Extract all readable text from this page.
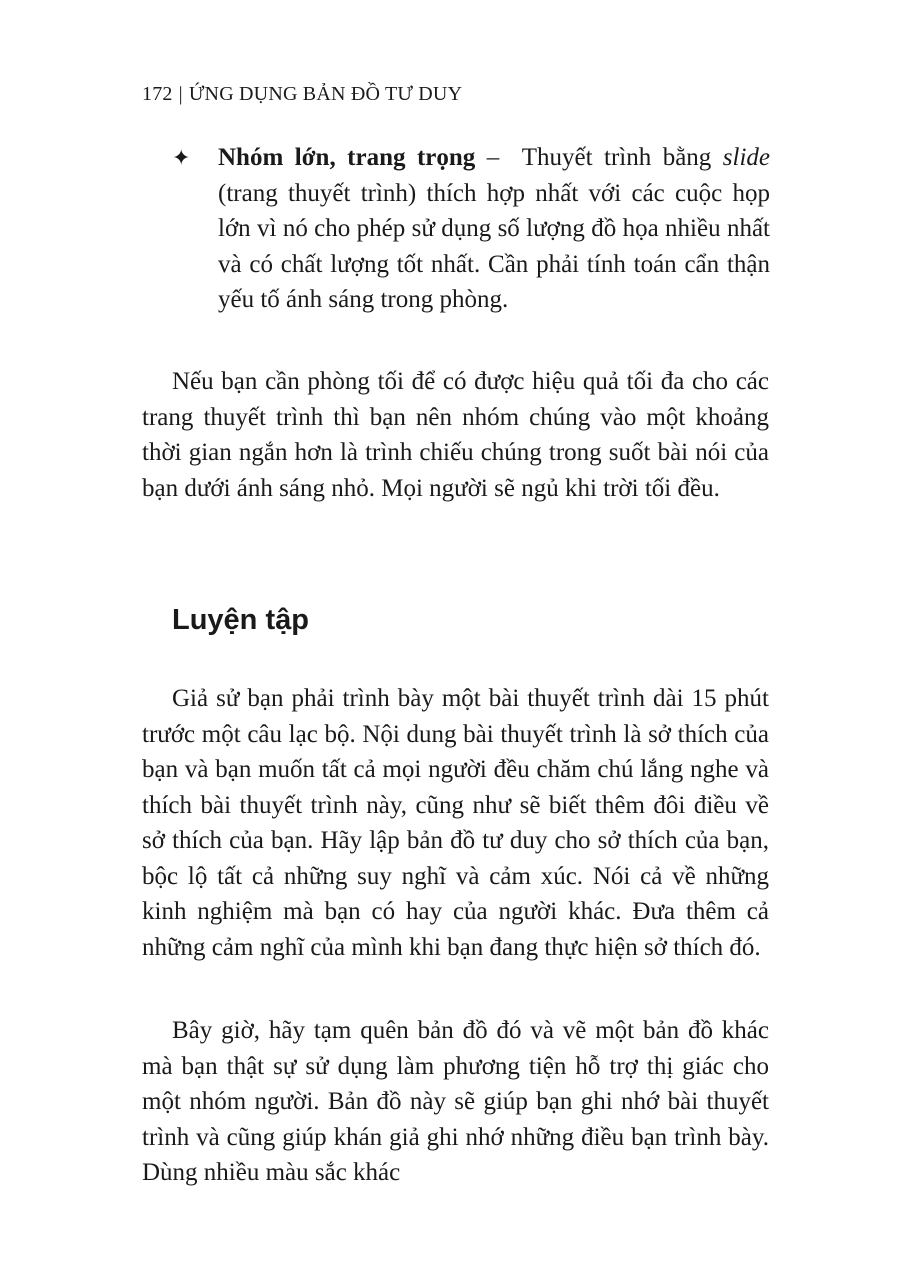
172 | ỨNG DỤNG BẢN ĐỒ TƯ DUY
✦ Nhóm lớn, trang trọng –  Thuyết trình bằng slide (trang thuyết trình) thích hợp nhất với các cuộc họp lớn vì nó cho phép sử dụng số lượng đồ họa nhiều nhất và có chất lượng tốt nhất. Cần phải tính toán cẩn thận yếu tố ánh sáng trong phòng.

Nếu bạn cần phòng tối để có được hiệu quả tối đa cho các trang thuyết trình thì bạn nên nhóm chúng vào một khoảng thời gian ngắn hơn là trình chiếu chúng trong suốt bài nói của bạn dưới ánh sáng nhỏ. Mọi người sẽ ngủ khi trời tối đều.

Luyện tập

Giả sử bạn phải trình bày một bài thuyết trình dài 15 phút trước một câu lạc bộ. Nội dung bài thuyết trình là sở thích của bạn và bạn muốn tất cả mọi người đều chăm chú lắng nghe và thích bài thuyết trình này, cũng như sẽ biết thêm đôi điều về sở thích của bạn. Hãy lập bản đồ tư duy cho sở thích của bạn, bộc lộ tất cả những suy nghĩ và cảm xúc. Nói cả về những kinh nghiệm mà bạn có hay của người khác. Đưa thêm cả những cảm nghĩ của mình khi bạn đang thực hiện sở thích đó.

Bây giờ, hãy tạm quên bản đồ đó và vẽ một bản đồ khác mà bạn thật sự sử dụng làm phương tiện hỗ trợ thị giác cho một nhóm người. Bản đồ này sẽ giúp bạn ghi nhớ bài thuyết trình và cũng giúp khán giả ghi nhớ những điều bạn trình bày. Dùng nhiều màu sắc khác
